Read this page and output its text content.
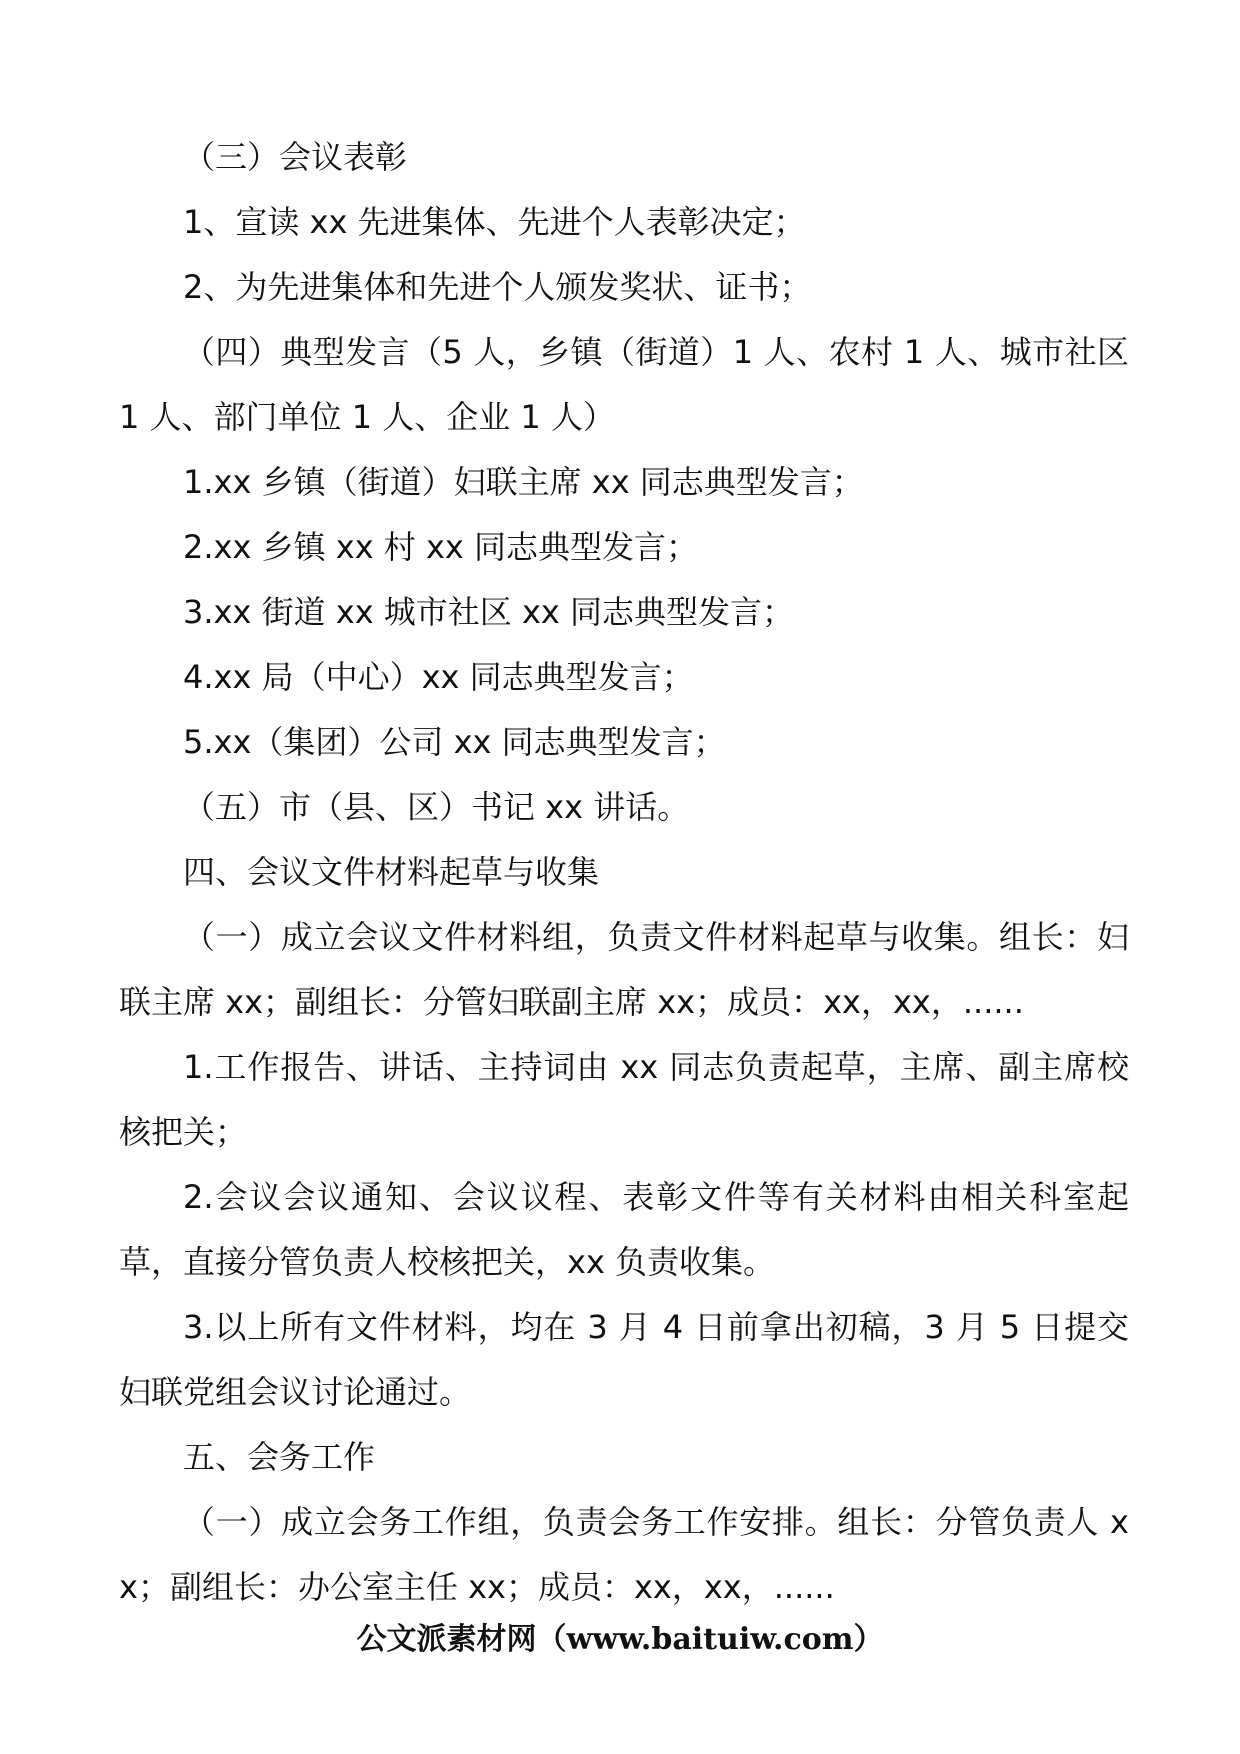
（三）会议表彰

1、宣读 xx 先进集体、先进个人表彰决定；

2、为先进集体和先进个人颁发奖状、证书；

（四）典型发言（5 人，乡镇（街道）1 人、农村 1 人、城市社区 1 人、部门单位 1 人、企业 1 人）

1.xx 乡镇（街道）妇联主席 xx 同志典型发言；

2.xx 乡镇 xx 村 xx 同志典型发言；

3.xx 街道 xx 城市社区 xx 同志典型发言；

4.xx 局（中心）xx 同志典型发言；

5.xx（集团）公司 xx 同志典型发言；

（五）市（县、区）书记 xx 讲话。

四、会议文件材料起草与收集

（一）成立会议文件材料组，负责文件材料起草与收集。组长：妇联主席 xx；副组长：分管妇联副主席 xx；成员：xx，xx，......

1.工作报告、讲话、主持词由 xx 同志负责起草，主席、副主席校核把关；

2.会议会议通知、会议议程、表彰文件等有关材料由相关科室起草，直接分管负责人校核把关，xx 负责收集。

3.以上所有文件材料，均在 3 月 4 日前拿出初稿，3 月 5 日提交妇联党组会议讨论通过。

五、会务工作

（一）成立会务工作组，负责会务工作安排。组长：分管负责人 xx；副组长：办公室主任 xx；成员：xx，xx，......

公文派素材网（www.baituiw.com）
